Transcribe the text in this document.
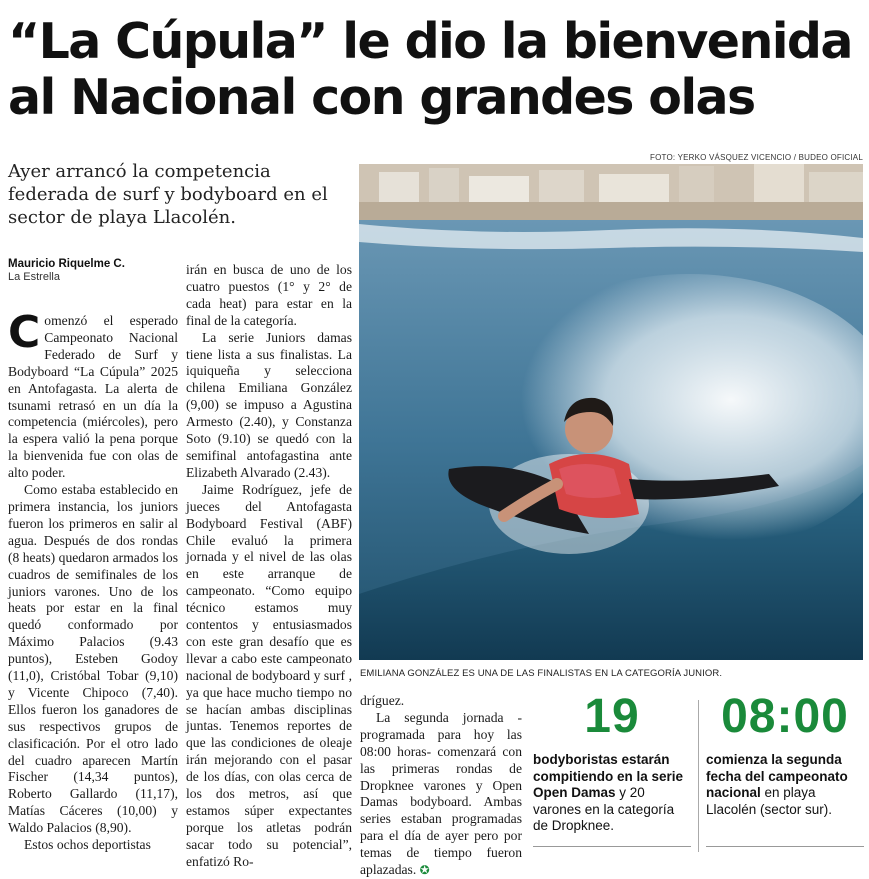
“La Cúpula” le dio la bienvenida al Nacional con grandes olas
Ayer arrancó la competencia federada de surf y bodyboard en el sector de playa Llacolén.
Mauricio Riquelme C.
La Estrella

Comenzó el esperado Campeonato Nacional Federado de Surf y Bodyboard “La Cúpula” 2025 en Antofagasta. La alerta de tsunami retrasó en un día la competencia (miércoles), pero la espera valió la pena porque la bienvenida fue con olas de alto poder.

Como estaba establecido en primera instancia, los juniors fueron los primeros en salir al agua. Después de dos rondas (8 heats) quedaron armados los cuadros de semifinales de los juniors varones. Uno de los heats por estar en la final quedó conformado por Máximo Palacios (9.43 puntos), Esteben Godoy (11,0), Cristóbal Tobar (9,10) y Vicente Chipoco (7,40). Ellos fueron los ganadores de sus respectivos grupos de clasificación. Por el otro lado del cuadro aparecen Martín Fischer (14,34 puntos), Roberto Gallardo (11,17), Matías Cáceres (10,00) y Waldo Palacios (8,90).

Estos ochos deportistas

irán en busca de uno de los cuatro puestos (1° y 2° de cada heat) para estar en la final de la categoría.

La serie Juniors damas tiene lista a sus finalistas. La iquiqueña y selecciona chilena Emiliana González (9,00) se impuso a Agustina Armesto (2.40), y Constanza Soto (9.10) se quedó con la semifinal antofagastina ante Elizabeth Alvarado (2.43).

Jaime Rodríguez, jefe de jueces del Antofagasta Bodyboard Festival (ABF) Chile evaluó la primera jornada y el nivel de las olas en este arranque de campeonato. “Como equipo técnico estamos muy contentos y entusiasmados con este gran desafío que es llevar a cabo este campeonato nacional de bodyboard y surf , ya que hace mucho tiempo no se hacían ambas disciplinas juntas. Tenemos reportes de que las condiciones de oleaje irán mejorando con el pasar de los días, con olas cerca de los dos metros, así que estamos súper expectantes porque los atletas podrán sacar todo su potencial”, enfatizó Ro-

dríguez.

La segunda jornada - programada para hoy las 08:00 horas- comenzará con las primeras rondas de Dropknee varones y Open Damas bodyboard. Ambas series estaban programadas para el día de ayer pero por temas de tiempo fueron aplazadas. ✪

FOTO: YERKO VÁSQUEZ VICENCIO / BUDEO OFICIAL
EMILIANA GONZÁLEZ ES UNA DE LAS FINALISTAS EN LA CATEGORÍA JUNIOR.
19
bodyboristas estarán compitiendo en la serie Open Damas y 20 varones en la categoría de Dropknee.
08:00
comienza la segunda fecha del campeonato nacional en playa Llacolén (sector sur).
